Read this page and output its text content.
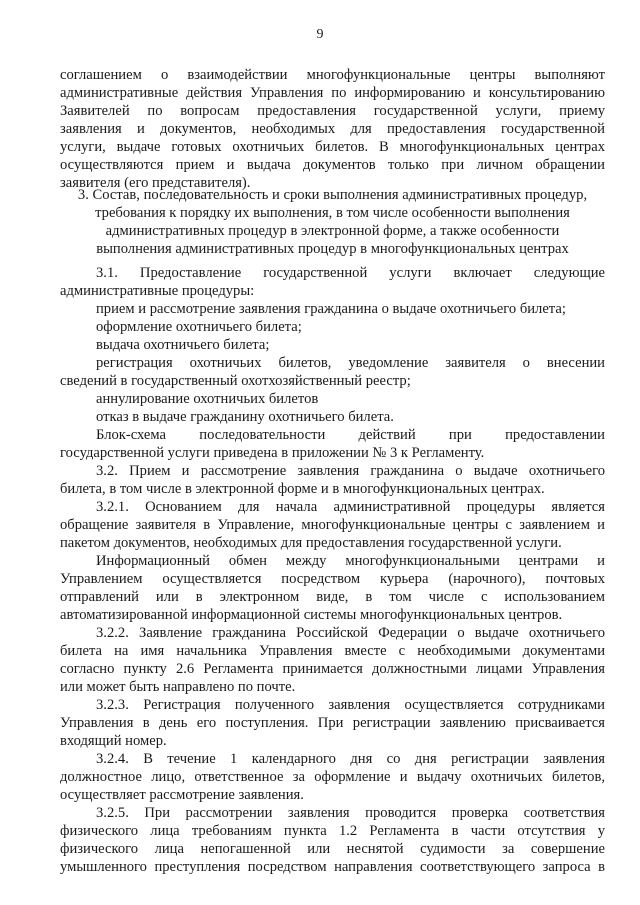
9

соглашением о взаимодействии многофункциональные центры выполняют

административные действия Управления по информированию и консультированию

Заявителей по вопросам предоставления государственной услуги, приему

заявления и документов, необходимых для предоставления государственной

услуги, выдаче готовых охотничьих билетов. В многофункциональных центрах

осуществляются прием и выдача документов только при личном обращении

заявителя (его представителя).

3. Состав, последовательность и сроки выполнения административных процедур,

требования к порядку их выполнения, в том числе особенности выполнения

административных процедур в электронной форме, а также особенности

выполнения административных процедур в многофункциональных центрах

3.1. Предоставление государственной услуги включает следующие

административные процедуры:

прием и рассмотрение заявления гражданина о выдаче охотничьего билета;

оформление охотничьего билета;

выдача охотничьего билета;

регистрация охотничьих билетов, уведомление заявителя о внесении

сведений в государственный охотхозяйственный реестр;

аннулирование охотничьих билетов

отказ в выдаче гражданину охотничьего билета.

Блок-схема последовательности действий при предоставлении

государственной услуги приведена в приложении № 3 к Регламенту.

3.2. Прием и рассмотрение заявления гражданина о выдаче охотничьего

билета, в том числе в электронной форме и в многофункциональных центрах.

3.2.1. Основанием для начала административной процедуры является

обращение заявителя в Управление, многофункциональные центры с заявлением и

пакетом документов, необходимых для предоставления государственной услуги.

Информационный обмен между многофункциональными центрами и

Управлением осуществляется посредством курьера (нарочного), почтовых

отправлений или в электронном виде, в том числе с использованием

автоматизированной информационной системы многофункциональных центров.

3.2.2. Заявление гражданина Российской Федерации о выдаче охотничьего

билета на имя начальника Управления вместе с необходимыми документами

согласно пункту 2.6 Регламента принимается должностными лицами Управления

или может быть направлено по почте.

3.2.3. Регистрация полученного заявления осуществляется сотрудниками

Управления в день его поступления. При регистрации заявлению присваивается

входящий номер.

3.2.4. В течение 1 календарного дня со дня регистрации заявления

должностное лицо, ответственное за оформление и выдачу охотничьих билетов,

осуществляет рассмотрение заявления.

3.2.5. При рассмотрении заявления проводится проверка соответствия

физического лица требованиям пункта 1.2 Регламента в части отсутствия у

физического лица непогашенной или неснятой судимости за совершение

умышленного преступления посредством направления соответствующего запроса в
